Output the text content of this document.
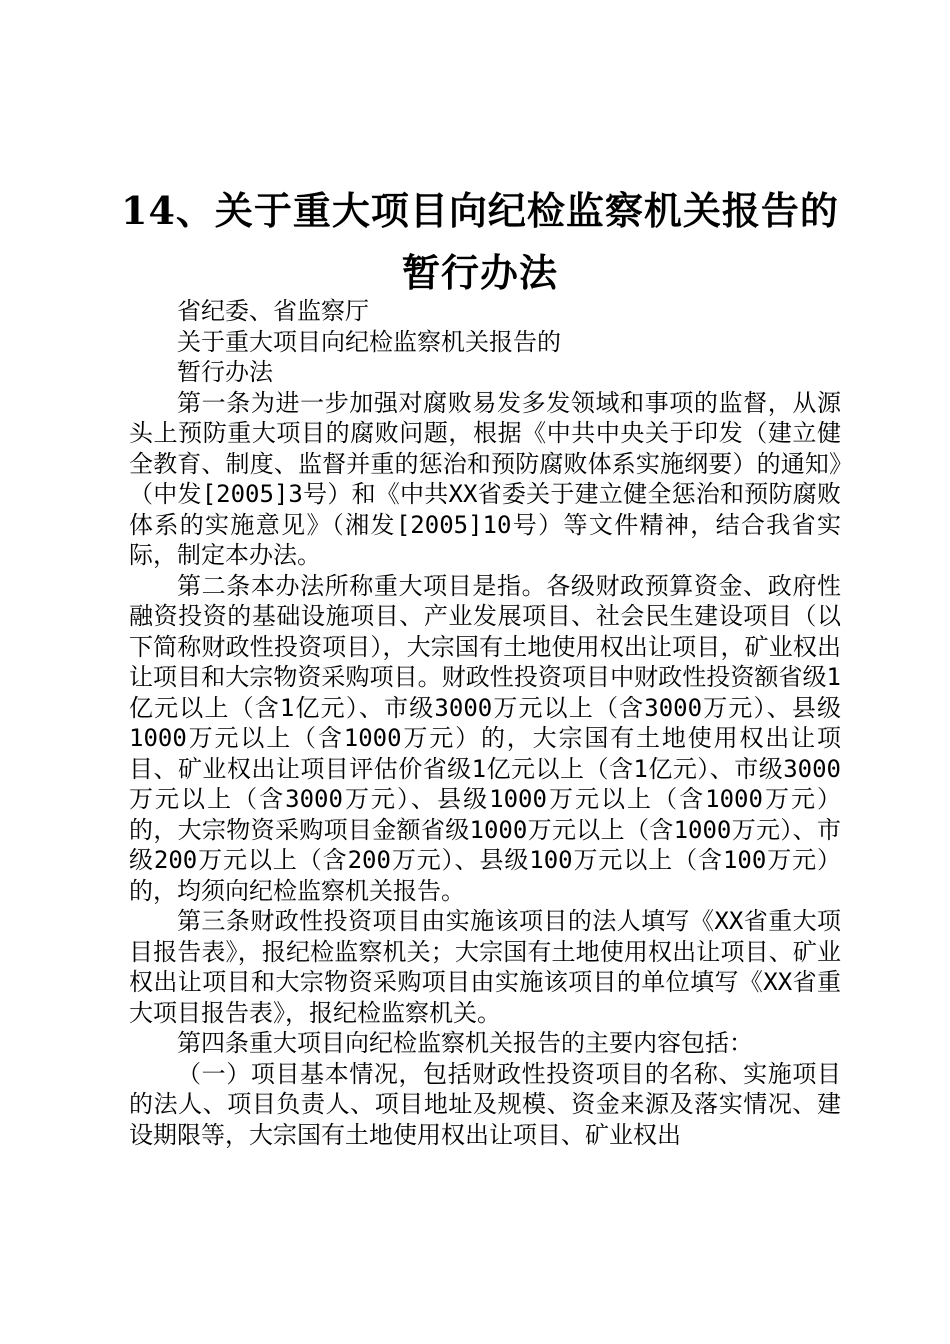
14、关于重大项目向纪检监察机关报告的暂行办法

省纪委、省监察厅

关于重大项目向纪检监察机关报告的

暂行办法

第一条为进一步加强对腐败易发多发领域和事项的监督，从源头上预防重大项目的腐败问题，根据《中共中央关于印发（建立健全教育、制度、监督并重的惩治和预防腐败体系实施纲要）的通知》（中发[2005]3号）和《中共XX省委关于建立健全惩治和预防腐败体系的实施意见》（湘发[2005]10号）等文件精神，结合我省实际，制定本办法。

第二条本办法所称重大项目是指。各级财政预算资金、政府性融资投资的基础设施项目、产业发展项目、社会民生建设项目（以下简称财政性投资项目），大宗国有土地使用权出让项目，矿业权出让项目和大宗物资采购项目。财政性投资项目中财政性投资额省级1亿元以上（含1亿元）、市级3000万元以上（含3000万元）、县级1000万元以上（含1000万元）的，大宗国有土地使用权出让项目、矿业权出让项目评估价省级1亿元以上（含1亿元）、市级3000万元以上（含3000万元）、县级1000万元以上（含1000万元）的，大宗物资采购项目金额省级1000万元以上（含1000万元）、市级200万元以上（含200万元）、县级100万元以上（含100万元）的，均须向纪检监察机关报告。

第三条财政性投资项目由实施该项目的法人填写《XX省重大项目报告表》，报纪检监察机关；大宗国有土地使用权出让项目、矿业权出让项目和大宗物资采购项目由实施该项目的单位填写《XX省重大项目报告表》，报纪检监察机关。

第四条重大项目向纪检监察机关报告的主要内容包括：

（一）项目基本情况，包括财政性投资项目的名称、实施项目的法人、项目负责人、项目地址及规模、资金来源及落实情况、建设期限等，大宗国有土地使用权出让项目、矿业权出
